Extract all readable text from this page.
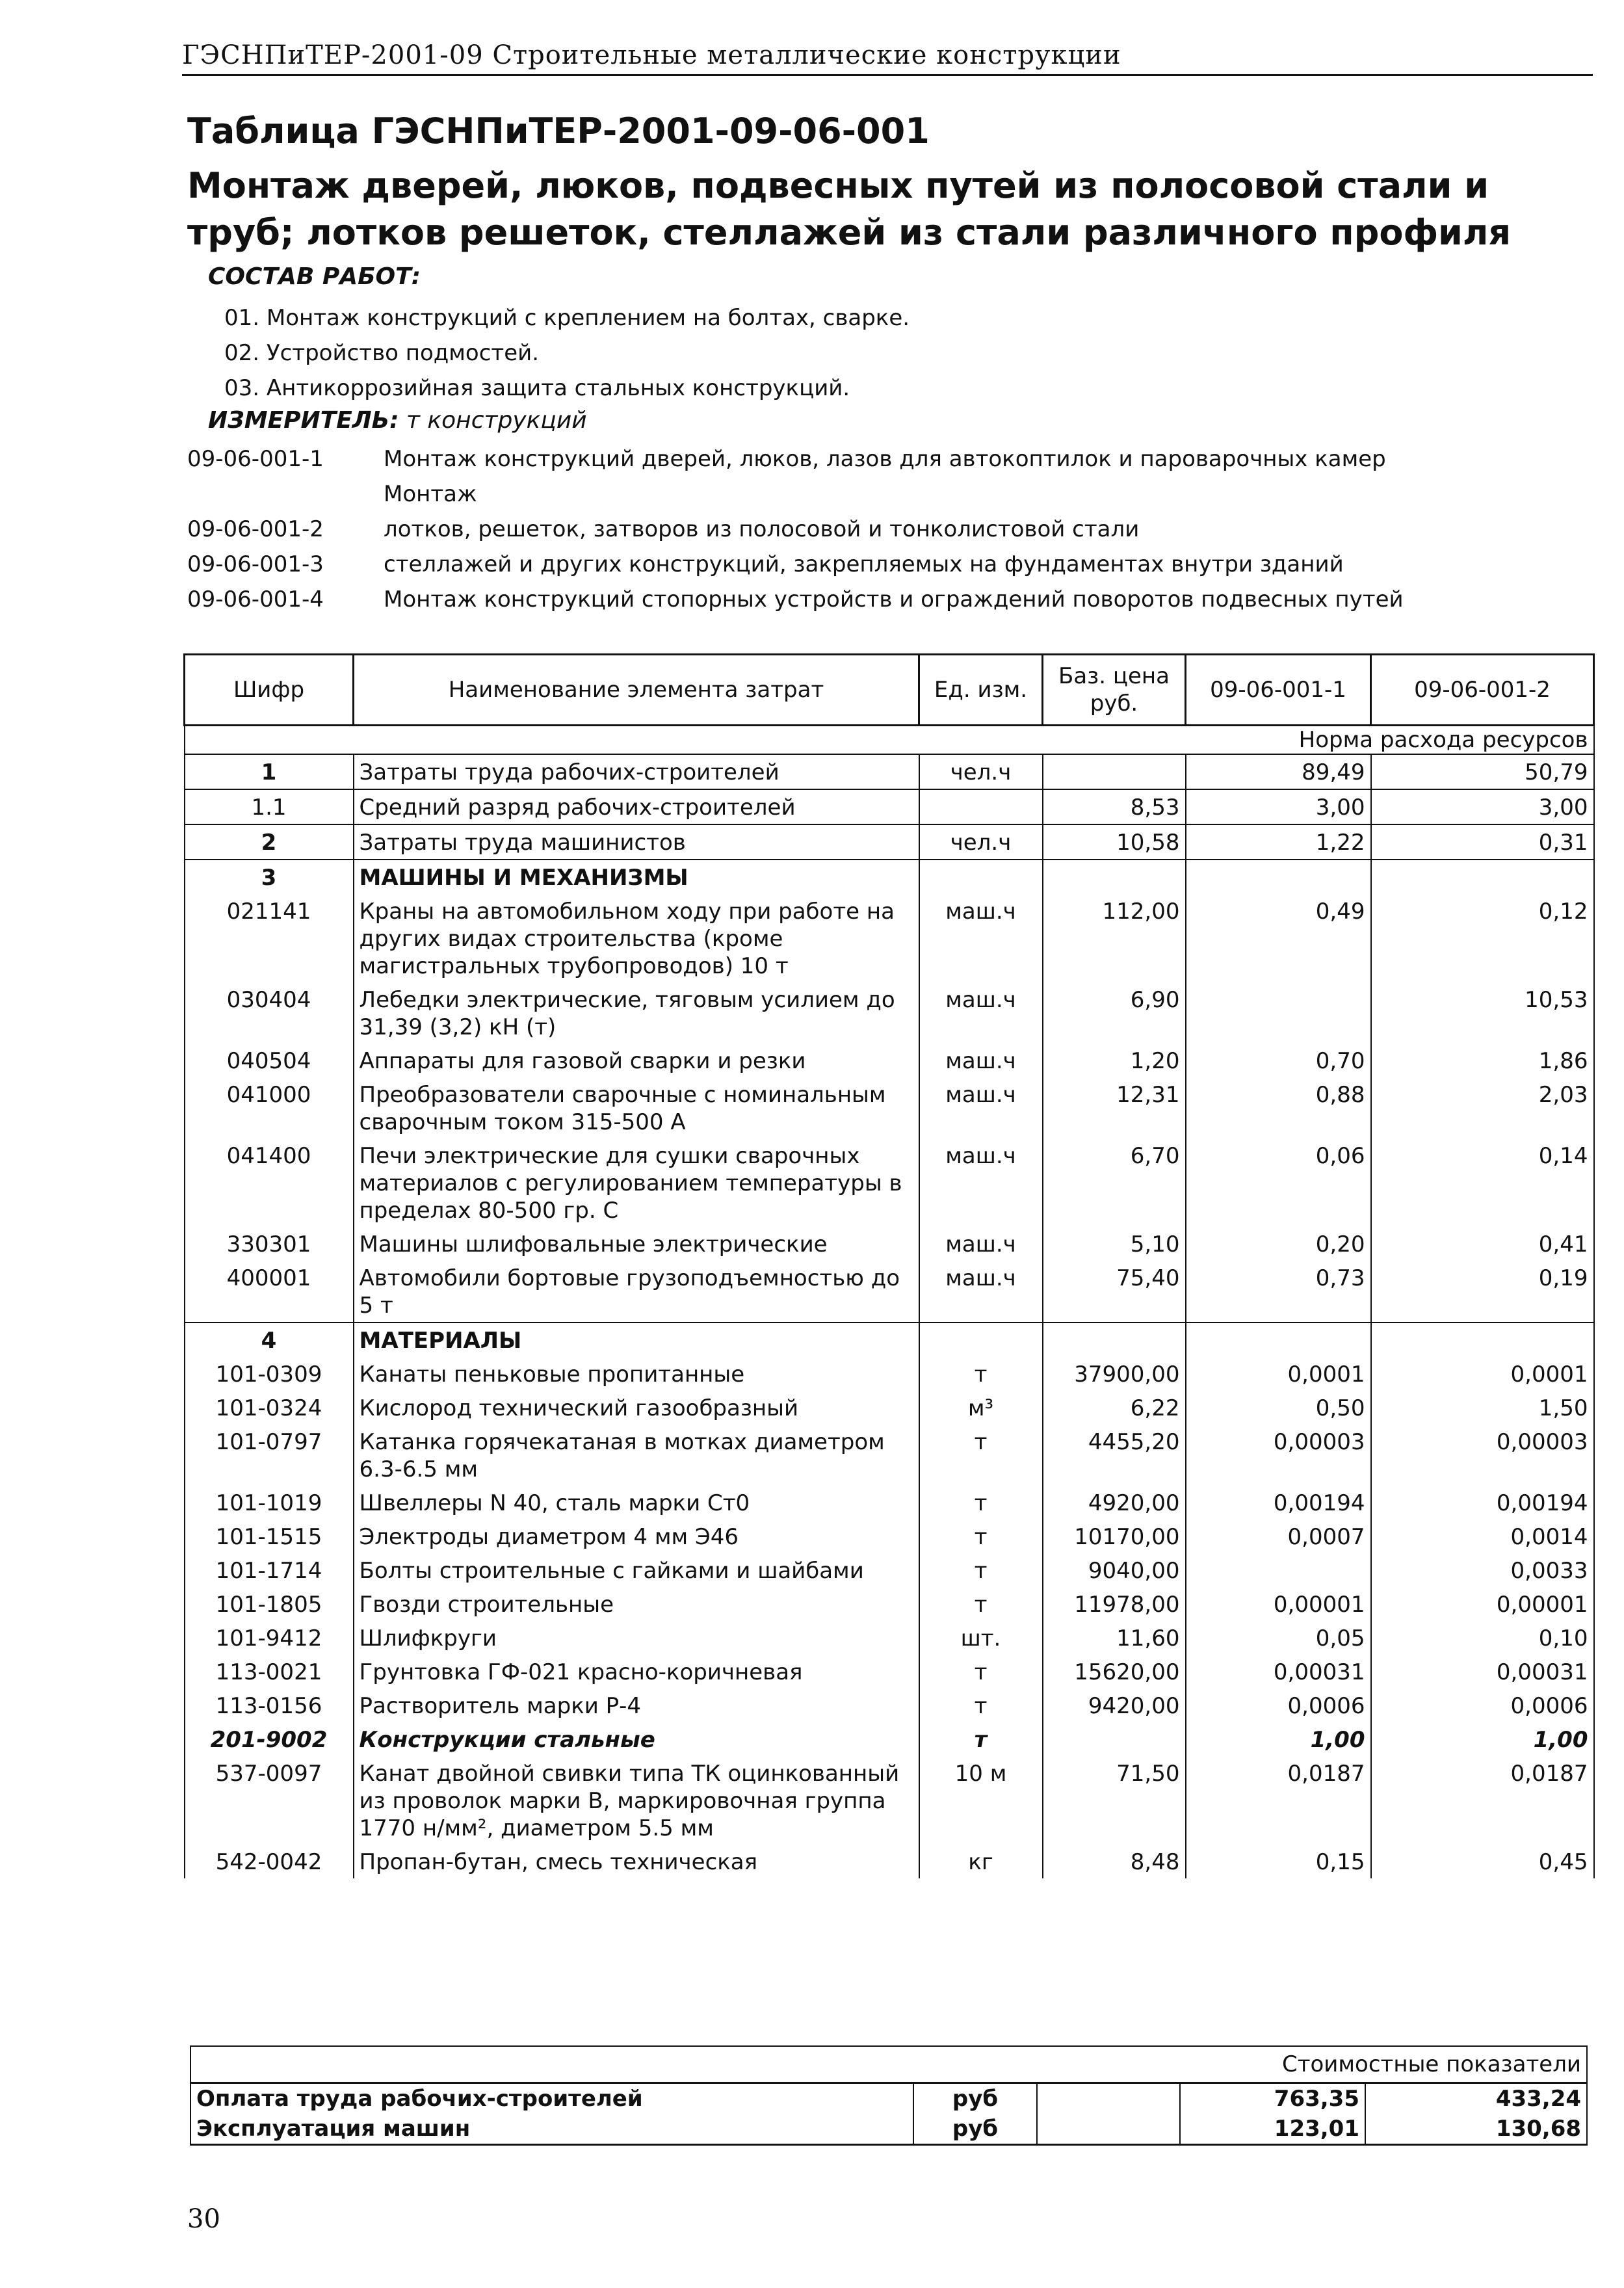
ГЭСНПиТЕР-2001-09 Строительные металлические конструкции
Таблица ГЭСНПиТЕР-2001-09-06-001
Монтаж дверей, люков, подвесных путей из полосовой стали и труб; лотков решеток, стеллажей из стали различного профиля
СОСТАВ РАБОТ:
01. Монтаж конструкций с креплением на болтах, сварке.
02. Устройство подмостей.
03. Антикоррозийная защита стальных конструкций.
ИЗМЕРИТЕЛЬ: т конструкций
09-06-001-1	Монтаж конструкций дверей, люков, лазов для автокоптилок и пароварочных камер
Монтаж
09-06-001-2	лотков, решеток, затворов из полосовой и тонколистовой стали
09-06-001-3	стеллажей и других конструкций, закрепляемых на фундаментах внутри зданий
09-06-001-4	Монтаж конструкций стопорных устройств и ограждений поворотов подвесных путей
Шифр	Наименование элемента затрат	Ед. изм.	Баз. цена руб.	09-06-001-1	09-06-001-2
Норма расхода ресурсов					
1	Затраты труда рабочих-строителей	чел.ч		89,49	50,79
1.1	Средний разряд рабочих-строителей		8,53	3,00	3,00
2	Затраты труда машинистов	чел.ч	10,58	1,22	0,31
3	МАШИНЫ И МЕХАНИЗМЫ				
021141	Краны на автомобильном ходу при работе на других видах строительства (кроме магистральных трубопроводов) 10 т	маш.ч	112,00	0,49	0,12
030404	Лебедки электрические, тяговым усилием до 31,39 (3,2) кН (т)	маш.ч	6,90		10,53
040504	Аппараты для газовой сварки и резки	маш.ч	1,20	0,70	1,86
041000	Преобразователи сварочные с номинальным сварочным током 315-500 А	маш.ч	12,31	0,88	2,03
041400	Печи электрические для сушки сварочных материалов с регулированием температуры в пределах 80-500 гр. С	маш.ч	6,70	0,06	0,14
330301	Машины шлифовальные электрические	маш.ч	5,10	0,20	0,41
400001	Автомобили бортовые грузоподъемностью до 5 т	маш.ч	75,40	0,73	0,19
4	МАТЕРИАЛЫ				
101-0309	Канаты пеньковые пропитанные	т	37900,00	0,0001	0,0001
101-0324	Кислород технический газообразный	м³	6,22	0,50	1,50
101-0797	Катанка горячекатаная в мотках диаметром 6.3-6.5 мм	т	4455,20	0,00003	0,00003
101-1019	Швеллеры N 40, сталь марки Ст0	т	4920,00	0,00194	0,00194
101-1515	Электроды диаметром 4 мм Э46	т	10170,00	0,0007	0,0014
101-1714	Болты строительные с гайками и шайбами	т	9040,00		0,0033
101-1805	Гвозди строительные	т	11978,00	0,00001	0,00001
101-9412	Шлифкруги	шт.	11,60	0,05	0,10
113-0021	Грунтовка ГФ-021 красно-коричневая	т	15620,00	0,00031	0,00031
113-0156	Растворитель марки Р-4	т	9420,00	0,0006	0,0006
201-9002	Конструкции стальные	т		1,00	1,00
537-0097	Канат двойной свивки типа ТК оцинкованный из проволок марки В, маркировочная группа 1770 н/мм², диаметром 5.5 мм	10 м	71,50	0,0187	0,0187
542-0042	Пропан-бутан, смесь техническая	кг	8,48	0,15	0,45
Стоимостные показатели				
Оплата труда рабочих-строителей	руб		763,35	433,24
Эксплуатация машин	руб		123,01	130,68
30
